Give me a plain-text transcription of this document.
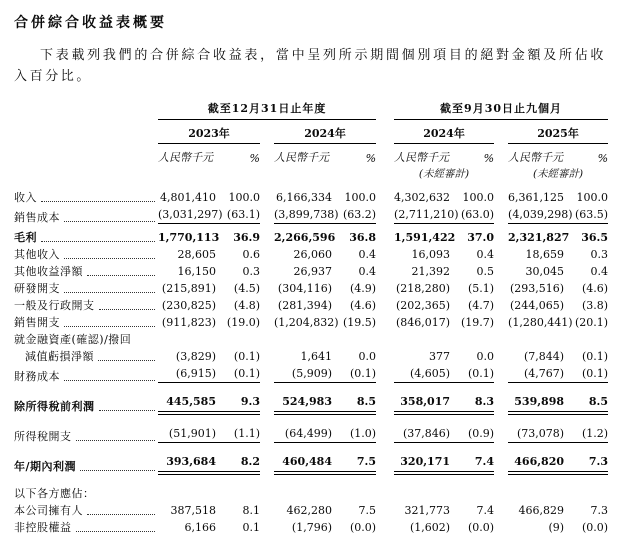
合併綜合收益表概要

下表載列我們的合併綜合收益表，當中呈列所示期間個別項目的絕對金額及所佔收入百分比。

	截至12月31日止年度						截至9月30日止九個月				
	2023年			2024年			2024年			2025年	
	人民幣千元	%		人民幣千元	%		人民幣千元	%		人民幣千元	%
							(未經審計)			(未經審計)	

收入	4,801,410	100.0		6,166,334	100.0		4,302,632	100.0		6,361,125	100.0

銷售成本	(3,031,297)	(63.1)		(3,899,738)	(63.2)		(2,711,210)	(63.0)		(4,039,298)	(63.5)

毛利	1,770,113	36.9		2,266,596	36.8		1,591,422	37.0		2,321,827	36.5

其他收入	28,605	0.6		26,060	0.4		16,093	0.4		18,659	0.3

其他收益淨額	16,150	0.3		26,937	0.4		21,392	0.5		30,045	0.4

研發開支	(215,891)	(4.5)		(304,116)	(4.9)		(218,280)	(5.1)		(293,516)	(4.6)

一般及行政開支	(230,825)	(4.8)		(281,394)	(4.6)		(202,365)	(4.7)		(244,065)	(3.8)

銷售開支	(911,823)	(19.0)		(1,204,832)	(19.5)		(846,017)	(19.7)		(1,280,441)	(20.1)

就金融資產(確認)/撥回											

減值虧損淨額	(3,829)	(0.1)		1,641	0.0		377	0.0		(7,844)	(0.1)

財務成本	(6,915)	(0.1)		(5,909)	(0.1)		(4,605)	(0.1)		(4,767)	(0.1)

除所得稅前利潤	445,585	9.3		524,983	8.5		358,017	8.3		539,898	8.5

所得稅開支	(51,901)	(1.1)		(64,499)	(1.0)		(37,846)	(0.9)		(73,078)	(1.2)

年/期內利潤	393,684	8.2		460,484	7.5		320,171	7.4		466,820	7.3

以下各方應佔：											

本公司擁有人	387,518	8.1		462,280	7.5		321,773	7.4		466,829	7.3

非控股權益	6,166	0.1		(1,796)	(0.0)		(1,602)	(0.0)		(9)	(0.0)
